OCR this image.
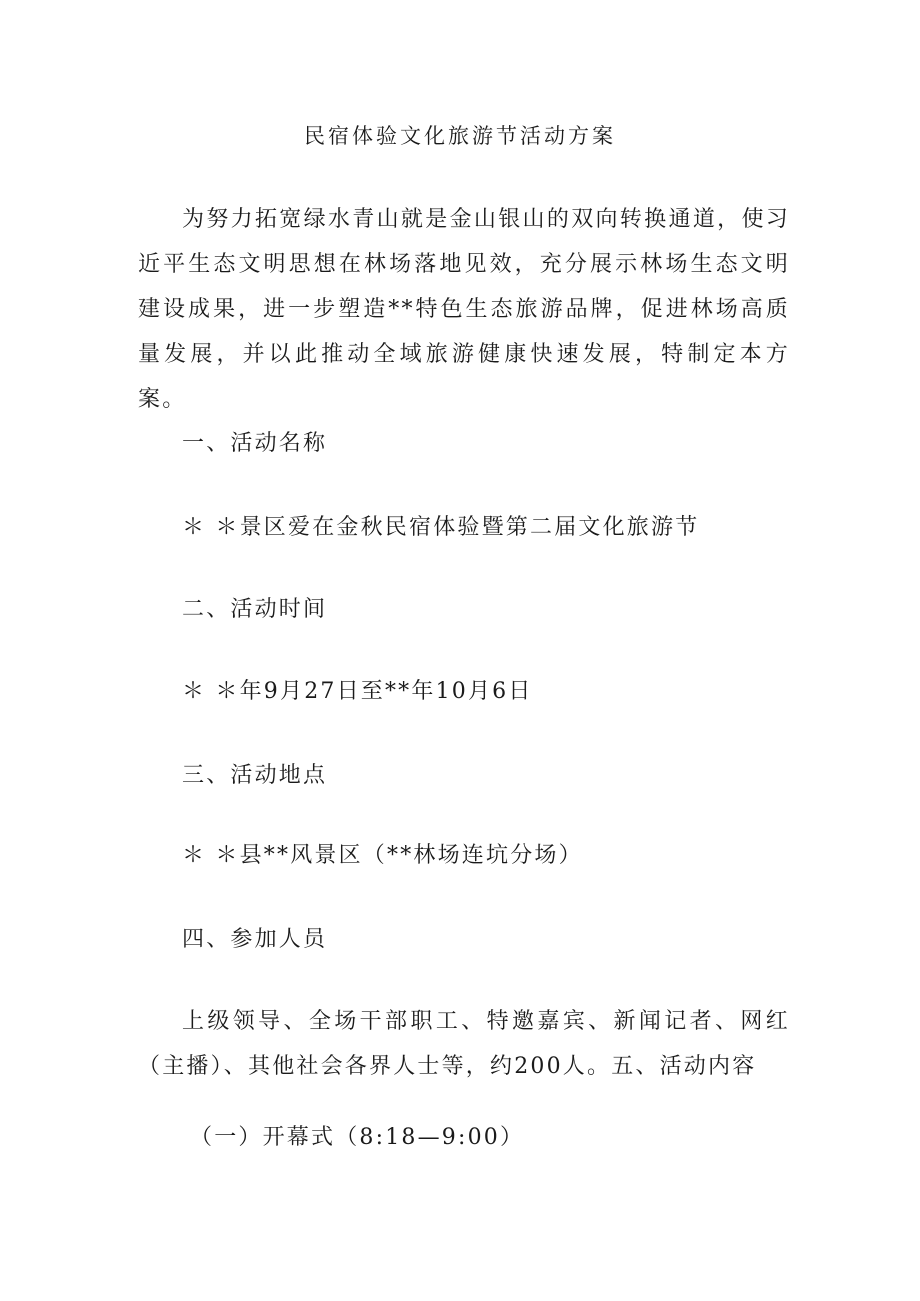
民宿体验文化旅游节活动方案

为努力拓宽绿水青山就是金山银山的双向转换通道，使习近平生态文明思想在林场落地见效，充分展示林场生态文明建设成果，进一步塑造**特色生态旅游品牌，促进林场高质量发展，并以此推动全域旅游健康快速发展，特制定本方案。

一、活动名称
＊ ＊景区爱在金秋民宿体验暨第二届文化旅游节
二、活动时间
＊ ＊年9月27日至**年10月6日
三、活动地点
＊ ＊县**风景区（**林场连坑分场）
四、参加人员

上级领导、全场干部职工、特邀嘉宾、新闻记者、网红（主播）、其他社会各界人士等，约200人。五、活动内容

（一）开幕式（8:18—9:00）
